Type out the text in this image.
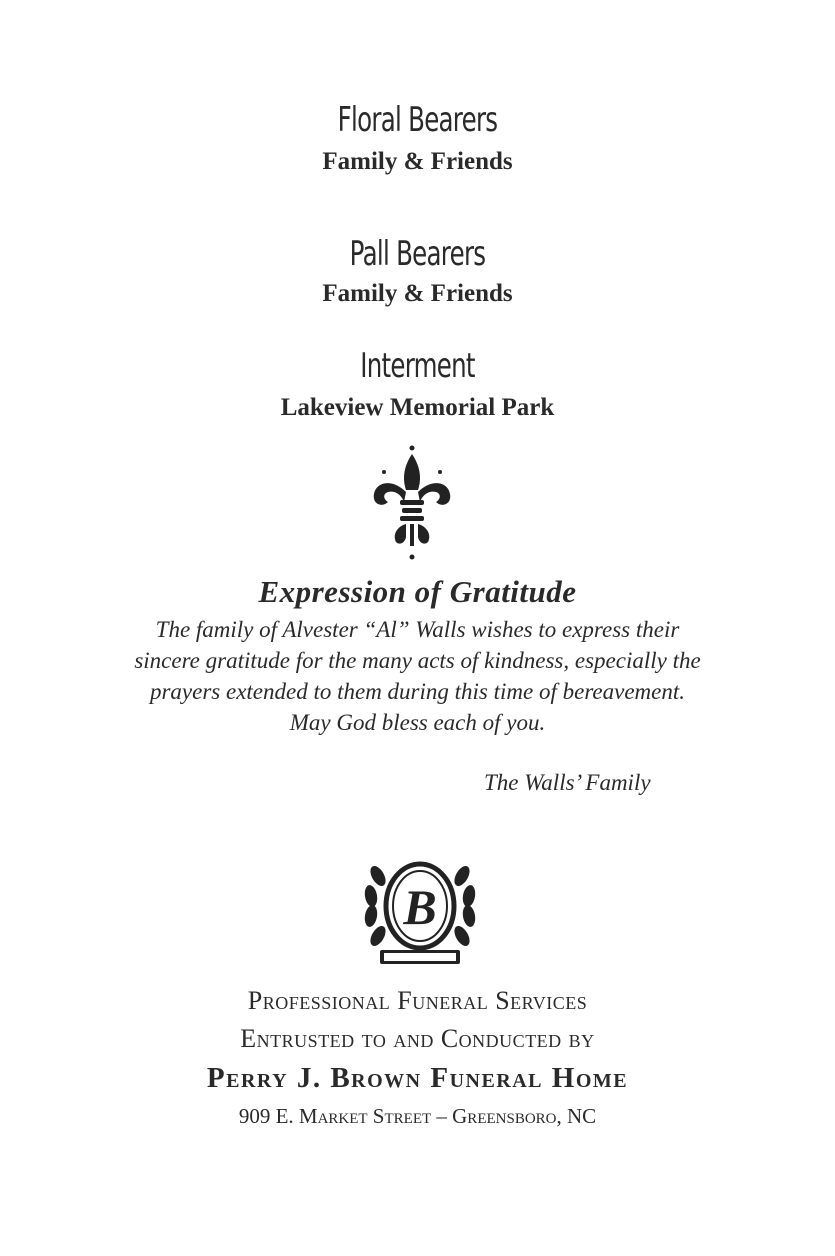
Floral Bearers
Family & Friends
Pall Bearers
Family & Friends
Interment
Lakeview Memorial Park
Expression of Gratitude
The family of Alvester “Al” Walls wishes to express their
sincere gratitude for the many acts of kindness, especially the
prayers extended to them during this time of bereavement.
May God bless each of you.
The Walls’ Family
B
Professional Funeral Services
Entrusted to and Conducted by
Perry J. Brown Funeral Home
909 E. Market Street – Greensboro, NC
